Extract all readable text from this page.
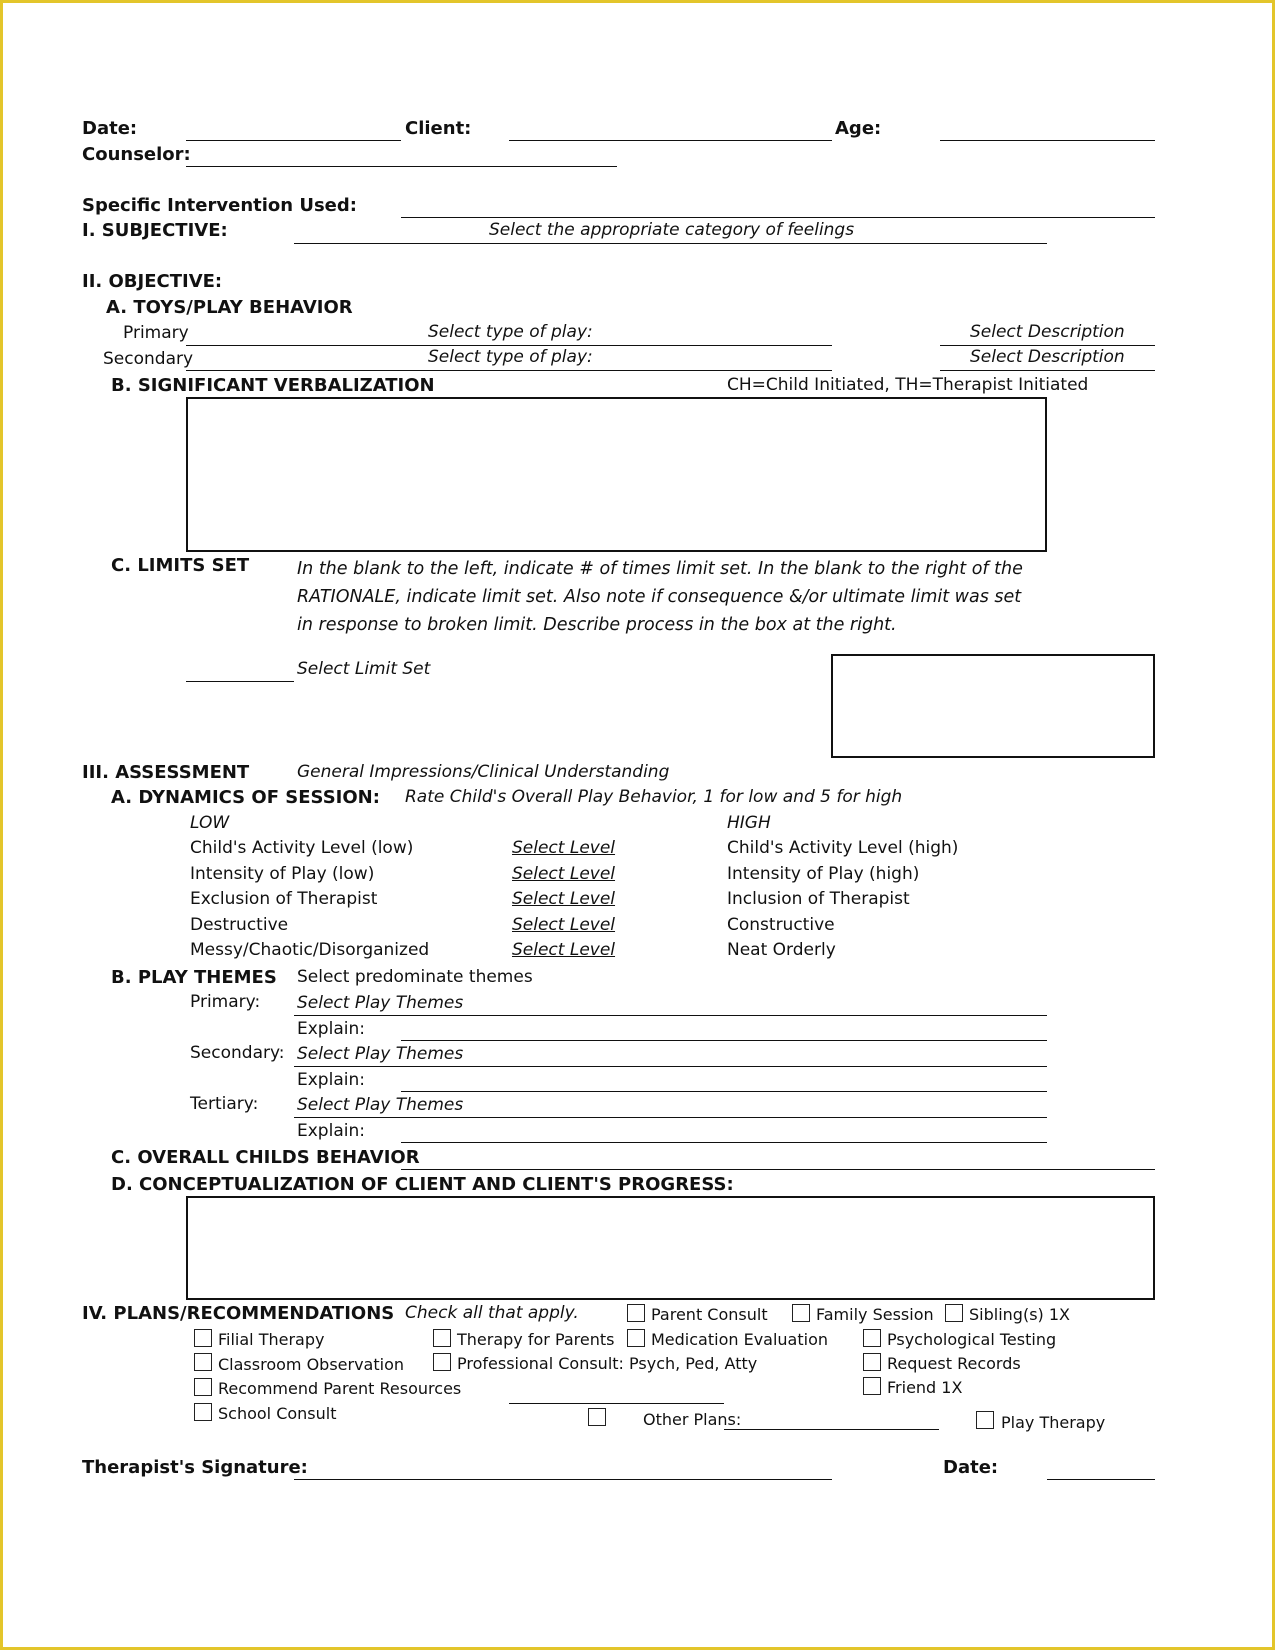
Date:	Client:	Age:
Counselor:
Specific Intervention Used:
I. SUBJECTIVE:	Select the appropriate category of feelings
II. OBJECTIVE:
A. TOYS/PLAY BEHAVIOR
Primary	Select type of play:	Select Description
Secondary	Select type of play:	Select Description
B. SIGNIFICANT VERBALIZATION	CH=Child Initiated, TH=Therapist Initiated
C. LIMITS SET	In the blank to the left, indicate # of times limit set. In the blank to the right of the RATIONALE, indicate limit set. Also note if consequence &/or ultimate limit was set in response to broken limit. Describe process in the box at the right.
Select Limit Set
III. ASSESSMENT	General Impressions/Clinical Understanding
A. DYNAMICS OF SESSION: Rate Child's Overall Play Behavior, 1 for low and 5 for high
LOW	HIGH
Child's Activity Level (low)	Select Level	Child's Activity Level (high)
Intensity of Play (low)	Select Level	Intensity of Play (high)
Exclusion of Therapist	Select Level	Inclusion of Therapist
Destructive	Select Level	Constructive
Messy/Chaotic/Disorganized	Select Level	Neat Orderly
B. PLAY THEMES Select predominate themes
Primary: Select Play Themes
Explain:
Secondary: Select Play Themes
Explain:
Tertiary: Select Play Themes
Explain:
C. OVERALL CHILDS BEHAVIOR
D. CONCEPTUALIZATION OF CLIENT AND CLIENT'S PROGRESS:
IV. PLANS/RECOMMENDATIONS Check all that apply.	Parent Consult	Family Session Sibling(s) 1X
Filial Therapy	Therapy for Parents Medication Evaluation	Psychological Testing
Classroom Observation	Professional Consult: Psych, Ped, Atty	Request Records
Recommend Parent Resources	Friend 1X
School Consult	Other Plans:	Play Therapy
Therapist's Signature:	Date:
